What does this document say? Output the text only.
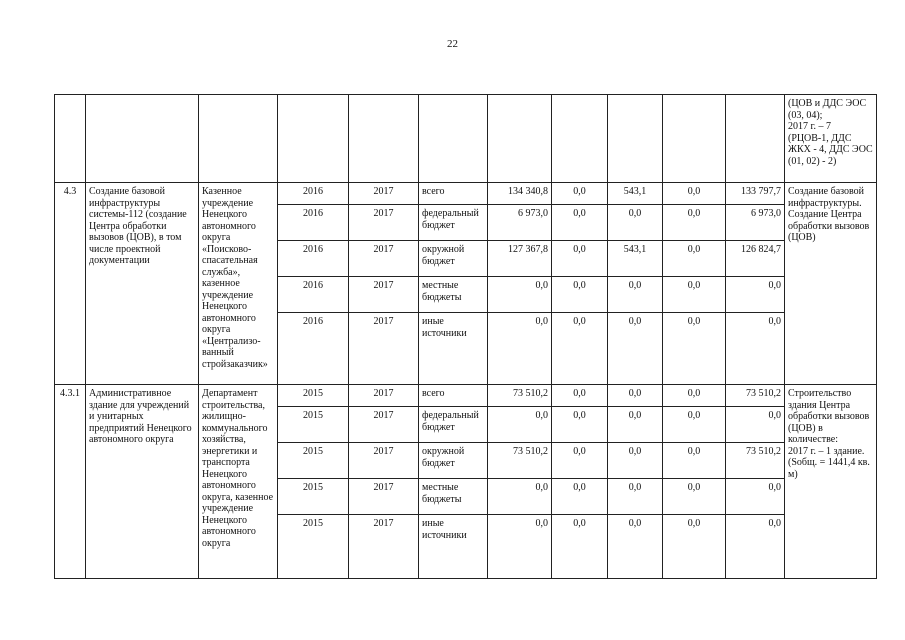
22
											(ЦОВ и ДДС ЭОС (03, 04);
2017 г. – 7
(РЦОВ-1, ДДС ЖКХ - 4, ДДС ЭОС (01, 02) - 2)
4.3	Создание базовой инфраструктуры системы-112 (создание Центра обработки вызовов (ЦОВ), в том числе проектной документации	Казенное учреждение Ненецкого автономного округа «Поисково-спасательная служба», казенное учреждение Ненецкого автономного округа «Централизо-ванный стройзаказчик»	2016	2017	всего	134 340,8	0,0	543,1	0,0	133 797,7	Создание базовой инфраструктуры. Создание Центра обработки вызовов (ЦОВ)
			2016	2017	федеральный бюджет	6 973,0	0,0	0,0	0,0	6 973,0	
			2016	2017	окружной бюджет	127 367,8	0,0	543,1	0,0	126 824,7	
			2016	2017	местные бюджеты	0,0	0,0	0,0	0,0	0,0	
			2016	2017	иные источники	0,0	0,0	0,0	0,0	0,0	
4.3.1	Административное здание для учреждений и унитарных предприятий Ненецкого автономного округа	Департамент строительства, жилищно-коммунального хозяйства, энергетики и транспорта Ненецкого автономного округа, казенное учреждение Ненецкого автономного округа	2015	2017	всего	73 510,2	0,0	0,0	0,0	73 510,2	Строительство здания Центра обработки вызовов (ЦОВ) в количестве:
2017 г. – 1 здание. (Sобщ. = 1441,4 кв. м)
			2015	2017	федеральный бюджет	0,0	0,0	0,0	0,0	0,0	
			2015	2017	окружной бюджет	73 510,2	0,0	0,0	0,0	73 510,2	
			2015	2017	местные бюджеты	0,0	0,0	0,0	0,0	0,0	
			2015	2017	иные источники	0,0	0,0	0,0	0,0	0,0	
